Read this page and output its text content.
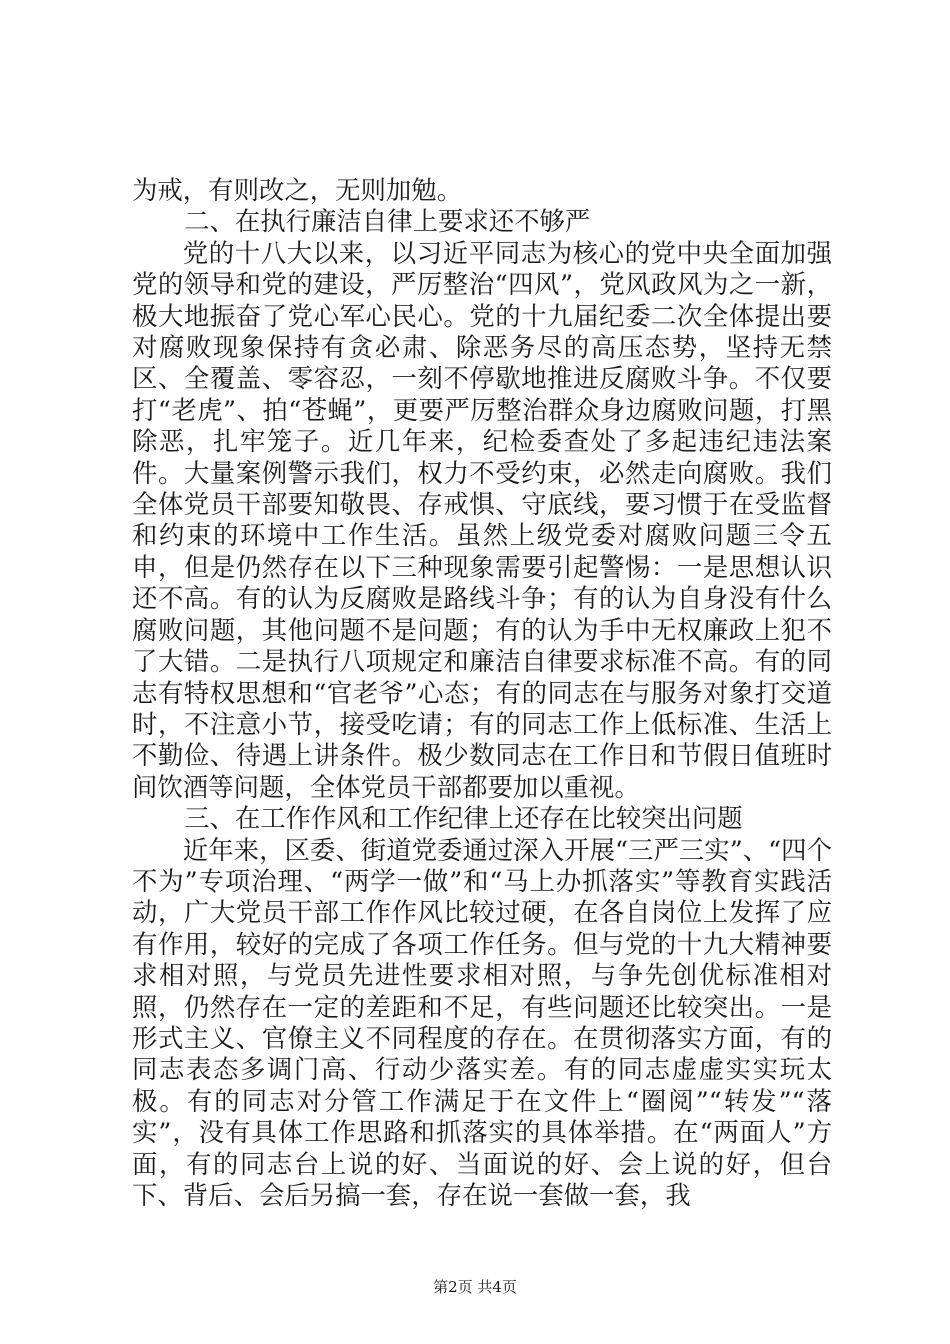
为戒，有则改之，无则加勉。

二、在执行廉洁自律上要求还不够严

党的十八大以来，以习近平同志为核心的党中央全面加强党的领导和党的建设，严厉整治“四风”，党风政风为之一新，极大地振奋了党心军心民心。党的十九届纪委二次全体提出要对腐败现象保持有贪必肃、除恶务尽的高压态势，坚持无禁区、全覆盖、零容忍，一刻不停歇地推进反腐败斗争。不仅要打“老虎”、拍“苍蝇”，更要严厉整治群众身边腐败问题，打黑除恶，扎牢笼子。近几年来，纪检委查处了多起违纪违法案件。大量案例警示我们，权力不受约束，必然走向腐败。我们全体党员干部要知敬畏、存戒惧、守底线，要习惯于在受监督和约束的环境中工作生活。虽然上级党委对腐败问题三令五申，但是仍然存在以下三种现象需要引起警惕：一是思想认识还不高。有的认为反腐败是路线斗争；有的认为自身没有什么腐败问题，其他问题不是问题；有的认为手中无权廉政上犯不了大错。二是执行八项规定和廉洁自律要求标准不高。有的同志有特权思想和“官老爷”心态；有的同志在与服务对象打交道时，不注意小节，接受吃请；有的同志工作上低标准、生活上不勤俭、待遇上讲条件。极少数同志在工作日和节假日值班时间饮酒等问题，全体党员干部都要加以重视。

三、在工作作风和工作纪律上还存在比较突出问题

近年来，区委、街道党委通过深入开展“三严三实”、“四个不为”专项治理、“两学一做”和“马上办抓落实”等教育实践活动，广大党员干部工作作风比较过硬，在各自岗位上发挥了应有作用，较好的完成了各项工作任务。但与党的十九大精神要求相对照，与党员先进性要求相对照，与争先创优标准相对照，仍然存在一定的差距和不足，有些问题还比较突出。一是形式主义、官僚主义不同程度的存在。在贯彻落实方面，有的同志表态多调门高、行动少落实差。有的同志虚虚实实玩太极。有的同志对分管工作满足于在文件上“圈阅”“转发”“落实”，没有具体工作思路和抓落实的具体举措。在“两面人”方面，有的同志台上说的好、当面说的好、会上说的好，但台下、背后、会后另搞一套，存在说一套做一套，我

第2页 共4页
